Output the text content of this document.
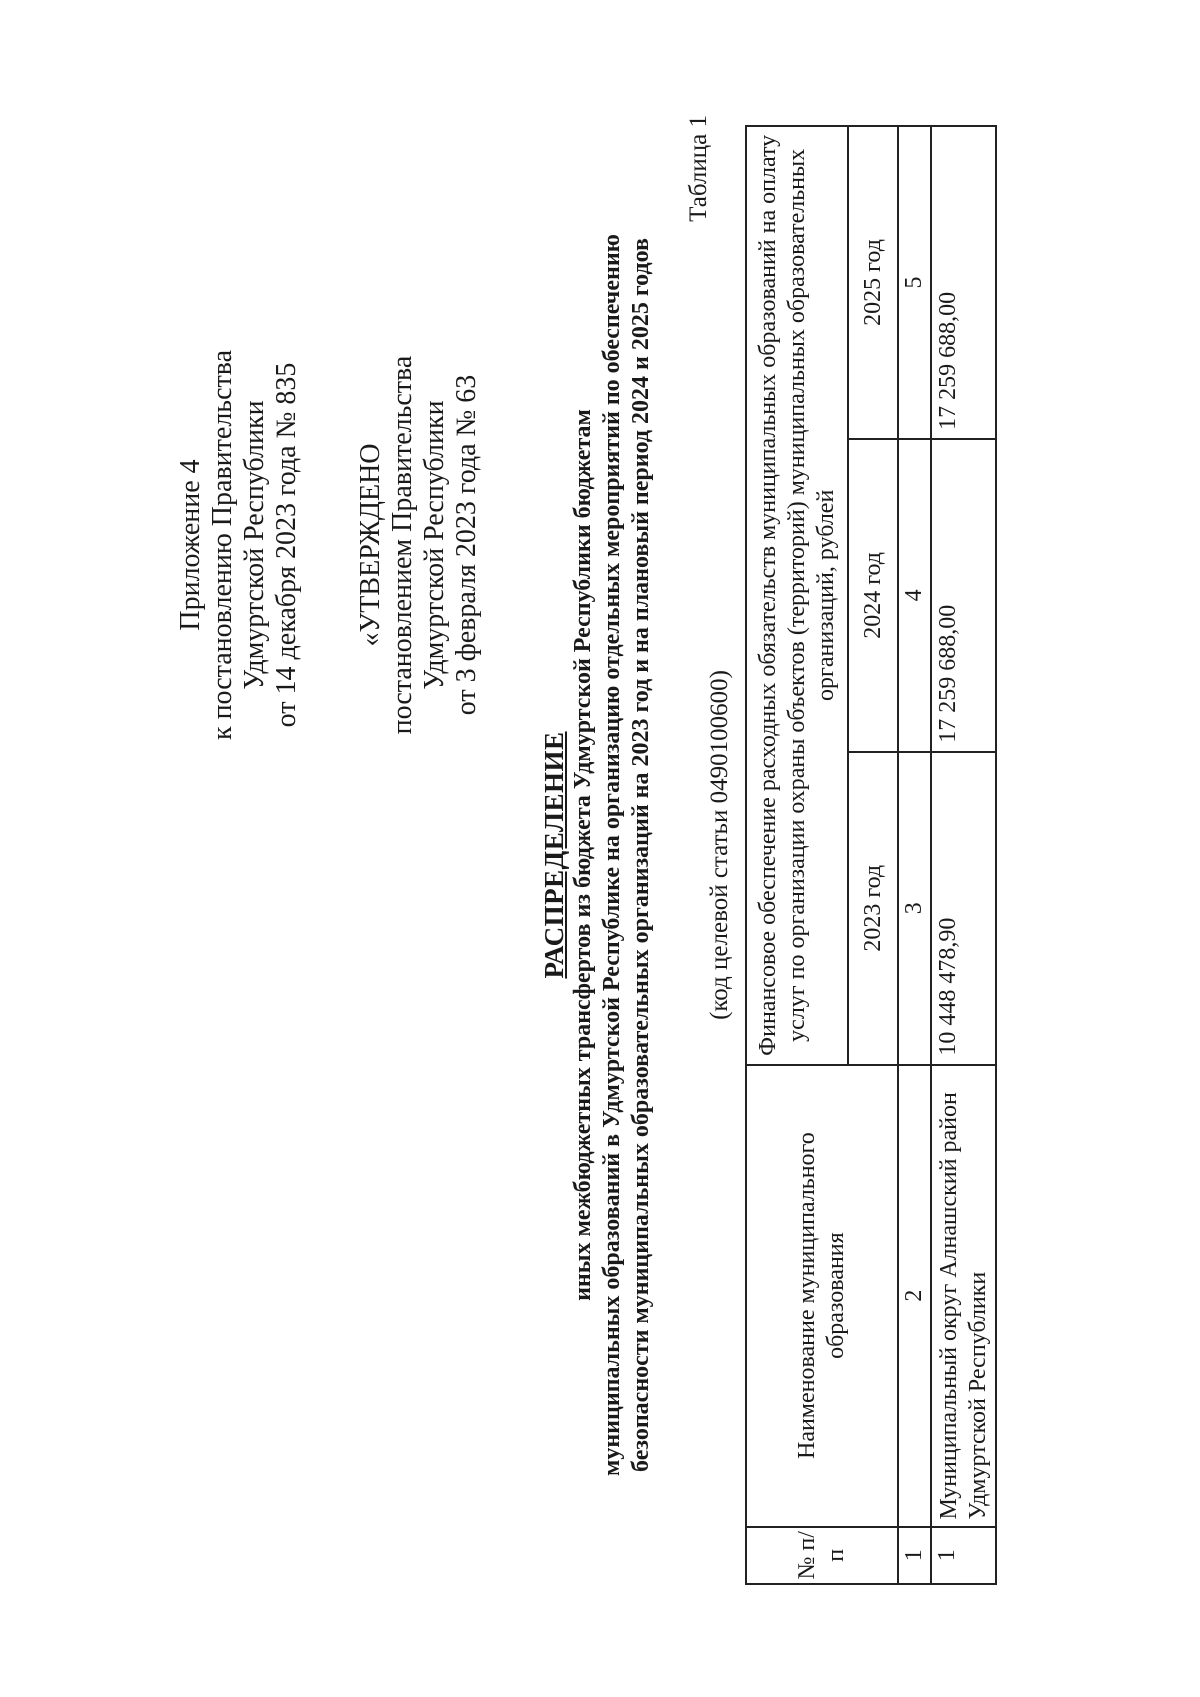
Приложение 4 к постановлению Правительства Удмуртской Республики от 14 декабря 2023 года № 835 «УТВЕРЖДЕНО постановлением Правительства Удмуртской Республики от 3 февраля 2023 года № 63
РАСПРЕДЕЛЕНИЕ иных межбюджетных трансфертов из бюджета Удмуртской Республики бюджетам муниципальных образований в Удмуртской Республике на организацию отдельных мероприятий по обеспечению безопасности муниципальных образовательных организаций на 2023 год и на плановый период 2024 и 2025 годов
Таблица 1
(код целевой статьи 0490100600)
№ п/п	Наименование муниципального образования	Финансовое обеспечение расходных обязательств муниципальных образований на оплату услуг по организации охраны объектов (территорий) муниципальных образовательных организаций, рублей		
		2023 год	2024 год	2025 год
1	2	3	4	5
1	Муниципальный округ Алнашский район Удмуртской Республики	10 448 478,90	17 259 688,00	17 259 688,00
